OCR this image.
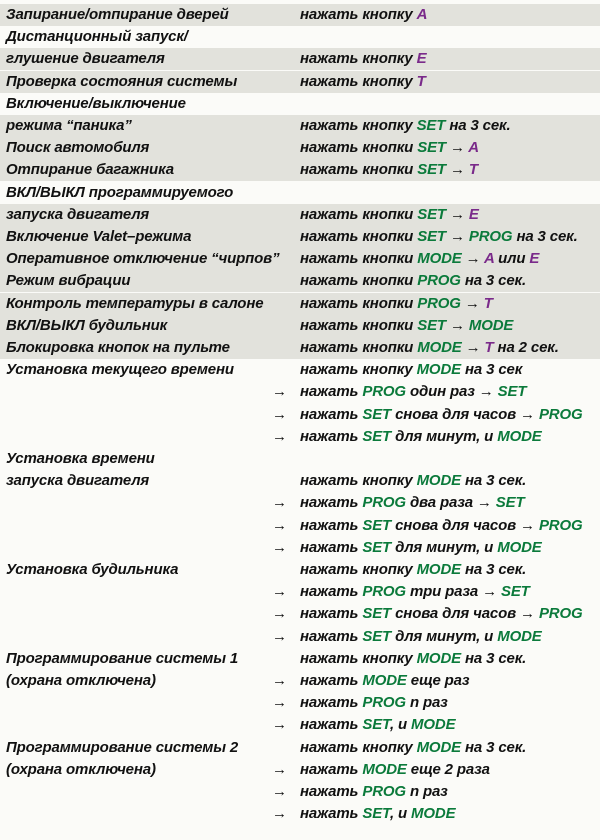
Запирание/отпирание дверей	нажать кнопку A
Дистанционный запуск/
глушение двигателя	нажать кнопку E
Проверка состояния системы	нажать кнопку T
Включение/выключение
режима “паника”	нажать кнопку SET на 3 сек.
Поиск автомобиля	нажать кнопки SET → A
Отпирание багажника	нажать кнопки SET → T
ВКЛ/ВЫКЛ программируемого
запуска двигателя	нажать кнопки SET → E
Включение Valet–режима	нажать кнопки SET → PROG на 3 сек.
Оперативное отключение “чирпов” нажать кнопки MODE → A или E
Режим вибрации	нажать кнопки PROG на 3 сек.
Контроль температуры в салоне нажать кнопки PROG → T
ВКЛ/ВЫКЛ будильник	нажать кнопки SET → MODE
Блокировка кнопок на пульте	нажать кнопки MODE → T на 2 сек.
Установка текущего времени	нажать кнопку MODE на 3 сек
→ нажать PROG один раз → SET
→ нажать SET снова для часов → PROG
→ нажать SET для минут, и MODE
Установка времени
запуска двигателя	нажать кнопку MODE на 3 сек.
→ нажать PROG два раза → SET
→ нажать SET снова для часов → PROG
→ нажать SET для минут, и MODE
Установка будильника	нажать кнопку MODE на 3 сек.
→ нажать PROG три раза → SET
→ нажать SET снова для часов → PROG
→ нажать SET для минут, и MODE
Программирование системы 1	нажать кнопку MODE на 3 сек.
(охрана отключена)	→ нажать MODE еще раз
→ нажать PROG n раз
→ нажать SET, и MODE
Программирование системы 2	нажать кнопку MODE на 3 сек.
(охрана отключена)	→ нажать MODE еще 2 раза
→ нажать PROG n раз
→ нажать SET, и MODE
